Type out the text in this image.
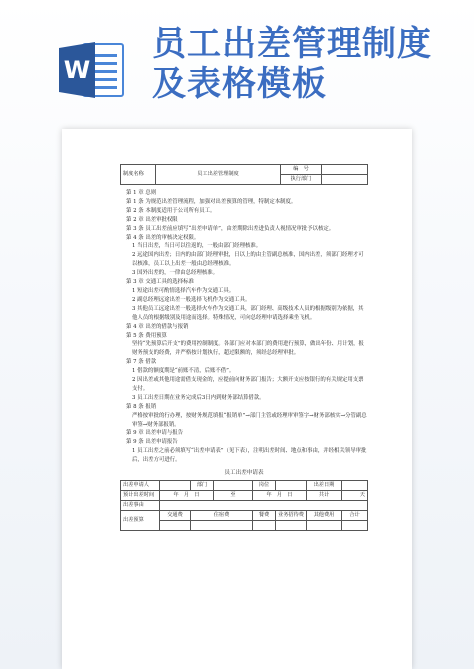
W
员工出差管理制度
及表格模板
制度名称	员工出差管理制度	编　号	
		执行部门	

第 1 章 总则

第 1 条 为规范出差管理流程，加强对出差预算的管理，特制定本制度。

第 2 条 本制度适用于公司所有员工。

第 2 章 出差审批权限

第 3 条 员工出差前应填写“出差申请单”，由差期除出差进负责人视情况审批予以核定。

第 4 条 出差的审核决定权限。

1 当日出差，当日可以往返的，一般由部门经理核准。

2 远途国内出差；日内的由部门经理审批，日以上的由主管副总核准，国内出差，须部门经理才可以核准，员工以上出差一般由总经理核准。

3 国外出差的，一律由总经理核准。

第 3 章 交通工具的选择标准

1 短途出差可酌情选择汽车作为交通工具。

2 副总经理远途出差一般选择飞机作为交通工具。

3 其他员工远途出差一般选择火车作为交通工具，部门经理、高级技术人员的根据级别为依据，其他人员的根据级别及用途而选择。特殊情况，可向总经理申请选择乘坐飞机。

第 4 章 出差的借款与报销

第 5 条 费用预算

坚持“先预算后开支”的费用控制制度。各部门应对本部门的费用进行预算，做出年份、月计划，报财务预支的经费，并严格按计划执行，超过限额的，须经总经理审批。

第 7 条 借款

1 借款的额度期是“前账不清，后账不借”。

2 因出差或其他用途需借支现金的，应提前向财务部门报告；大额开支应按银行的有关规定用支票支付。

3 员工出差日期在业务完成后3日内到财务部结算借款。

第 8 条 报销

严格按审批的行办理，按财务规范填报“报销单”→部门主管或经理审审签字→财务部核实→分管副总审签→财务部报销。

第 9 章 出差申请与报告

第 9 条 出差申请报告

1 员工出差之前必须填写“出差申请表”（见下表），注明出差时间、地点和事由，并经相关领导审批后，出差方可进行。

员工出差申请表
出差申请人		部门		岗位		出差日期	
预计出差时间	年　月　日		至	年　月　日		共计	天
出差事由							
出差预算	交通费	住宿费		餐费	业务招待费	其他费用	合计
